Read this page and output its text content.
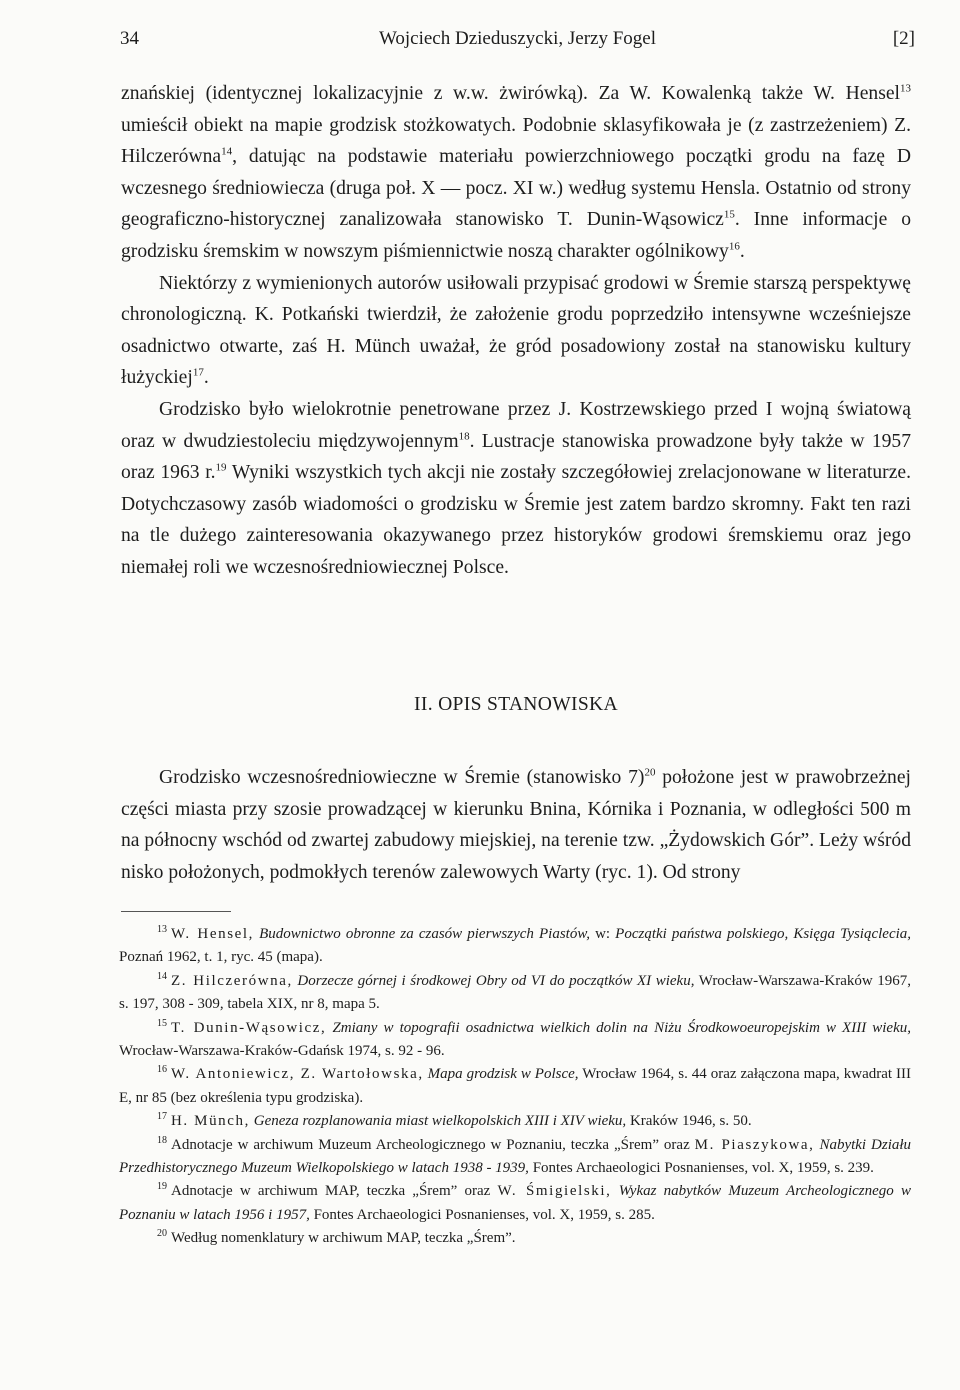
34	Wojciech Dzieduszycki, Jerzy Fogel	[2]

znańskiej (identycznej lokalizacyjnie z w.w. żwirówką). Za W. Kowalenką także W. Hensel$^{13}$ umieścił obiekt na mapie grodzisk stożkowatych. Podobnie sklasyfikowała je (z zastrzeżeniem) Z. Hilczerówna$^{14}$, datując na podstawie materiału powierzchniowego początki grodu na fazę D wczesnego średniowiecza (druga poł. X — pocz. XI w.) według systemu Hensla. Ostatnio od strony geograficzno-historycznej zanalizowała stanowisko T. Dunin-Wąsowicz$^{15}$. Inne informacje o grodzisku śremskim w nowszym piśmiennictwie noszą charakter ogólnikowy$^{16}$.

Niektórzy z wymienionych autorów usiłowali przypisać grodowi w Śremie starszą perspektywę chronologiczną. K. Potkański twierdził, że założenie grodu poprzedziło intensywne wcześniejsze osadnictwo otwarte, zaś H. Münch uważał, że gród posadowiony został na stanowisku kultury łużyckiej$^{17}$.

Grodzisko było wielokrotnie penetrowane przez J. Kostrzewskiego przed I wojną światową oraz w dwudziestoleciu międzywojennym$^{18}$. Lustracje stanowiska prowadzone były także w 1957 oraz 1963 r.$^{19}$ Wyniki wszystkich tych akcji nie zostały szczegółowiej zrelacjonowane w literaturze. Dotychczasowy zasób wiadomości o grodzisku w Śremie jest zatem bardzo skromny. Fakt ten razi na tle dużego zainteresowania okazywanego przez historyków grodowi śremskiemu oraz jego niemałej roli we wczesnośredniowiecznej Polsce.

II. OPIS STANOWISKA

Grodzisko wczesnośredniowieczne w Śremie (stanowisko 7)$^{20}$ położone jest w prawobrzeżnej części miasta przy szosie prowadzącej w kierunku Bnina, Kórnika i Poznania, w odległości 500 m na północny wschód od zwartej zabudowy miejskiej, na terenie tzw. „Żydowskich Gór”. Leży wśród nisko położonych, podmokłych terenów zalewowych Warty (ryc. 1). Od strony

$^{13}$ W. Hensel, Budownictwo obronne za czasów pierwszych Piastów, w: Początki państwa polskiego, Księga Tysiąclecia, Poznań 1962, t. 1, ryc. 45 (mapa).

$^{14}$ Z. Hilczerówna, Dorzecze górnej i środkowej Obry od VI do początków XI wieku, Wrocław-Warszawa-Kraków 1967, s. 197, 308 - 309, tabela XIX, nr 8, mapa 5.

$^{15}$ T. Dunin-Wąsowicz, Zmiany w topografii osadnictwa wielkich dolin na Niżu Środkowoeuropejskim w XIII wieku, Wrocław-Warszawa-Kraków-Gdańsk 1974, s. 92 - 96.

$^{16}$ W. Antoniewicz, Z. Wartołowska, Mapa grodzisk w Polsce, Wrocław 1964, s. 44 oraz załączona mapa, kwadrat III E, nr 85 (bez określenia typu grodziska).

$^{17}$ H. Münch, Geneza rozplanowania miast wielkopolskich XIII i XIV wieku, Kraków 1946, s. 50.

$^{18}$ Adnotacje w archiwum Muzeum Archeologicznego w Poznaniu, teczka „Śrem” oraz M. Piaszykowa, Nabytki Działu Przedhistorycznego Muzeum Wielkopolskiego w latach 1938 - 1939, Fontes Archaeologici Posnanienses, vol. X, 1959, s. 239.

$^{19}$ Adnotacje w archiwum MAP, teczka „Śrem” oraz W. Śmigielski, Wykaz nabytków Muzeum Archeologicznego w Poznaniu w latach 1956 i 1957, Fontes Archaeologici Posnanienses, vol. X, 1959, s. 285.

$^{20}$ Według nomenklatury w archiwum MAP, teczka „Śrem”.
